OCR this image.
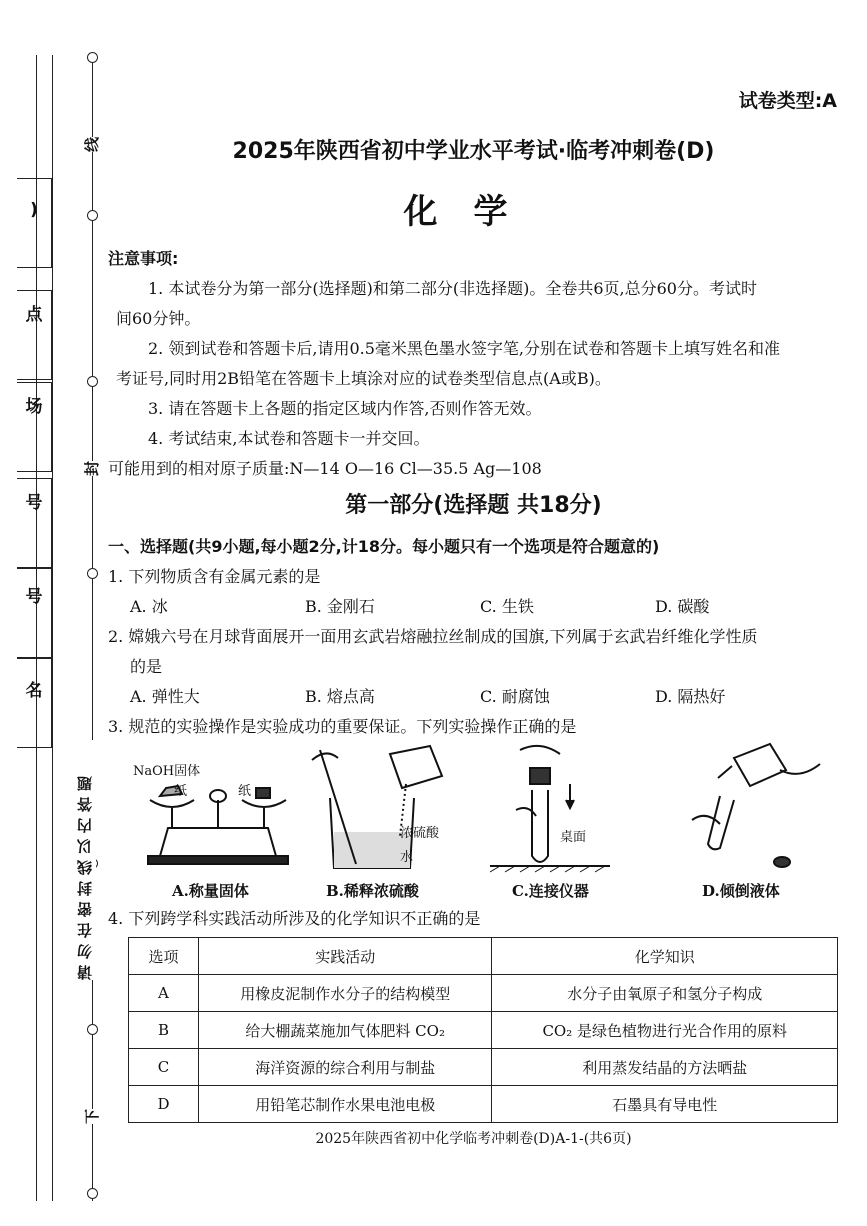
线
封
下
请勿在密封线以内答题
)
点
场
号
号
名
试卷类型:A
2025年陕西省初中学业水平考试·临考冲刺卷(D)
化学
注意事项:
1. 本试卷分为第一部分(选择题)和第二部分(非选择题)。全卷共6页,总分60分。考试时
间60分钟。
2. 领到试卷和答题卡后,请用0.5毫米黑色墨水签字笔,分别在试卷和答题卡上填写姓名和准
考证号,同时用2B铅笔在答题卡上填涂对应的试卷类型信息点(A或B)。
3. 请在答题卡上各题的指定区域内作答,否则作答无效。
4. 考试结束,本试卷和答题卡一并交回。
可能用到的相对原子质量:N—14 O—16 Cl—35.5 Ag—108
第一部分(选择题 共18分)
一、选择题(共9小题,每小题2分,计18分。每小题只有一个选项是符合题意的)
1. 下列物质含有金属元素的是
A. 冰	B. 金刚石	C. 生铁	D. 碳酸
2. 嫦娥六号在月球背面展开一面用玄武岩熔融拉丝制成的国旗,下列属于玄武岩纤维化学性质
的是
A. 弹性大	B. 熔点高	C. 耐腐蚀	D. 隔热好
3. 规范的实验操作是实验成功的重要保证。下列实验操作正确的是
NaOH固体
纸	纸
浓硫酸
水
桌面
A.称量固体	B.稀释浓硫酸	C.连接仪器	D.倾倒液体
4. 下列跨学科实践活动所涉及的化学知识不正确的是
选项	实践活动	化学知识
A	用橡皮泥制作水分子的结构模型	水分子由氧原子和氢分子构成
B	给大棚蔬菜施加气体肥料 CO₂	CO₂ 是绿色植物进行光合作用的原料
C	海洋资源的综合利用与制盐	利用蒸发结晶的方法晒盐
D	用铅笔芯制作水果电池电极	石墨具有导电性
2025年陕西省初中化学临考冲刺卷(D)A-1-(共6页)
